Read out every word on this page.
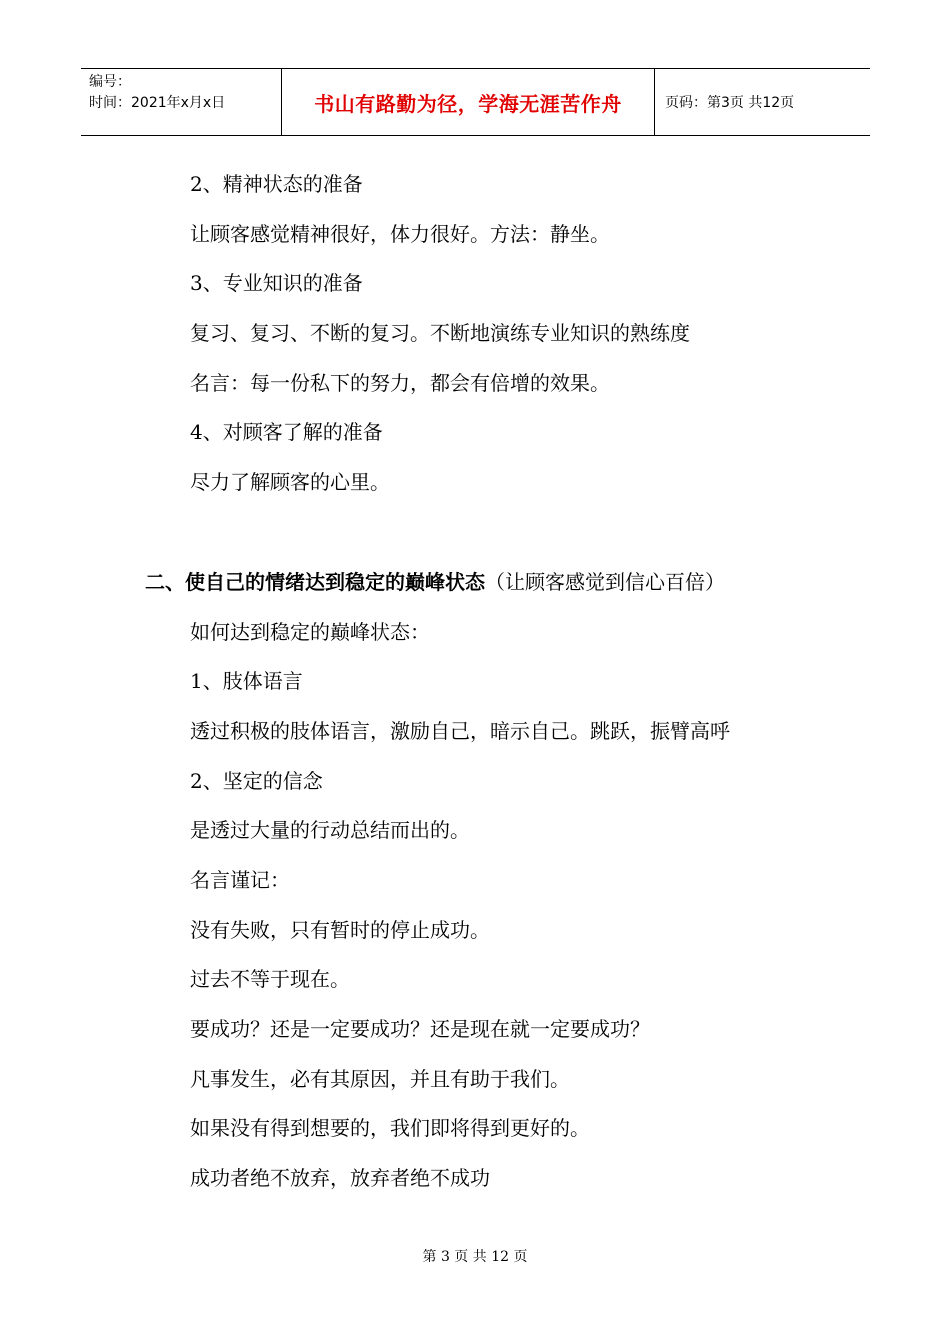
编号：
时间：2021年x月x日	书山有路勤为径，学海无涯苦作舟	页码：第3页 共12页
2、精神状态的准备
让顾客感觉精神很好，体力很好。方法：静坐。
3、专业知识的准备
复习、复习、不断的复习。不断地演练专业知识的熟练度
名言：每一份私下的努力，都会有倍增的效果。
4、对顾客了解的准备
尽力了解顾客的心里。
二、使自己的情绪达到稳定的巅峰状态（让顾客感觉到信心百倍）
如何达到稳定的巅峰状态：
1、肢体语言
透过积极的肢体语言，激励自己，暗示自己。跳跃，振臂高呼
2、坚定的信念
是透过大量的行动总结而出的。
名言谨记：
没有失败，只有暂时的停止成功。
过去不等于现在。
要成功？还是一定要成功？还是现在就一定要成功？
凡事发生，必有其原因，并且有助于我们。
如果没有得到想要的，我们即将得到更好的。
成功者绝不放弃，放弃者绝不成功
第 3 页 共 12 页
